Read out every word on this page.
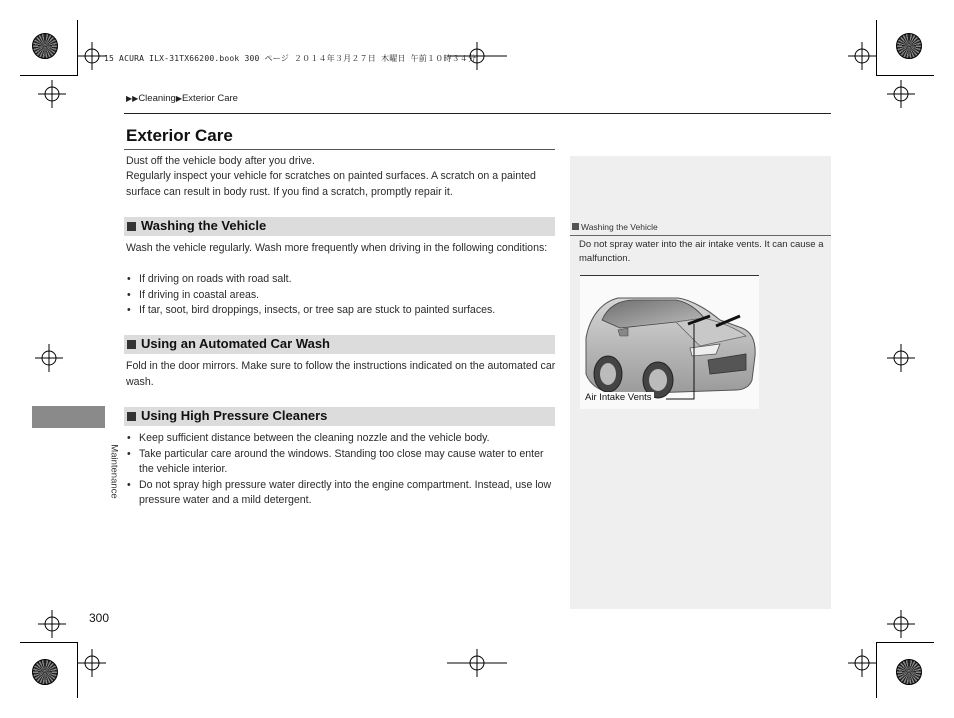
15 ACURA ILX-31TX66200.book 300 ページ ２０１４年３月２７日 木曜日 午前１０時３４分
▶▶Cleaning▶Exterior Care
Exterior Care
Dust off the vehicle body after you drive.
Regularly inspect your vehicle for scratches on painted surfaces. A scratch on a painted surface can result in body rust. If you find a scratch, promptly repair it.
Washing the Vehicle
Wash the vehicle regularly. Wash more frequently when driving in the following conditions:
• If driving on roads with road salt.
• If driving in coastal areas.
• If tar, soot, bird droppings, insects, or tree sap are stuck to painted surfaces.
Using an Automated Car Wash
Fold in the door mirrors. Make sure to follow the instructions indicated on the automated car wash.
Using High Pressure Cleaners
• Keep sufficient distance between the cleaning nozzle and the vehicle body.
• Take particular care around the windows. Standing too close may cause water to enter the vehicle interior.
• Do not spray high pressure water directly into the engine compartment. Instead, use low pressure water and a mild detergent.
Maintenance
300
Washing the Vehicle
Do not spray water into the air intake vents. It can cause a malfunction.
Air Intake Vents
